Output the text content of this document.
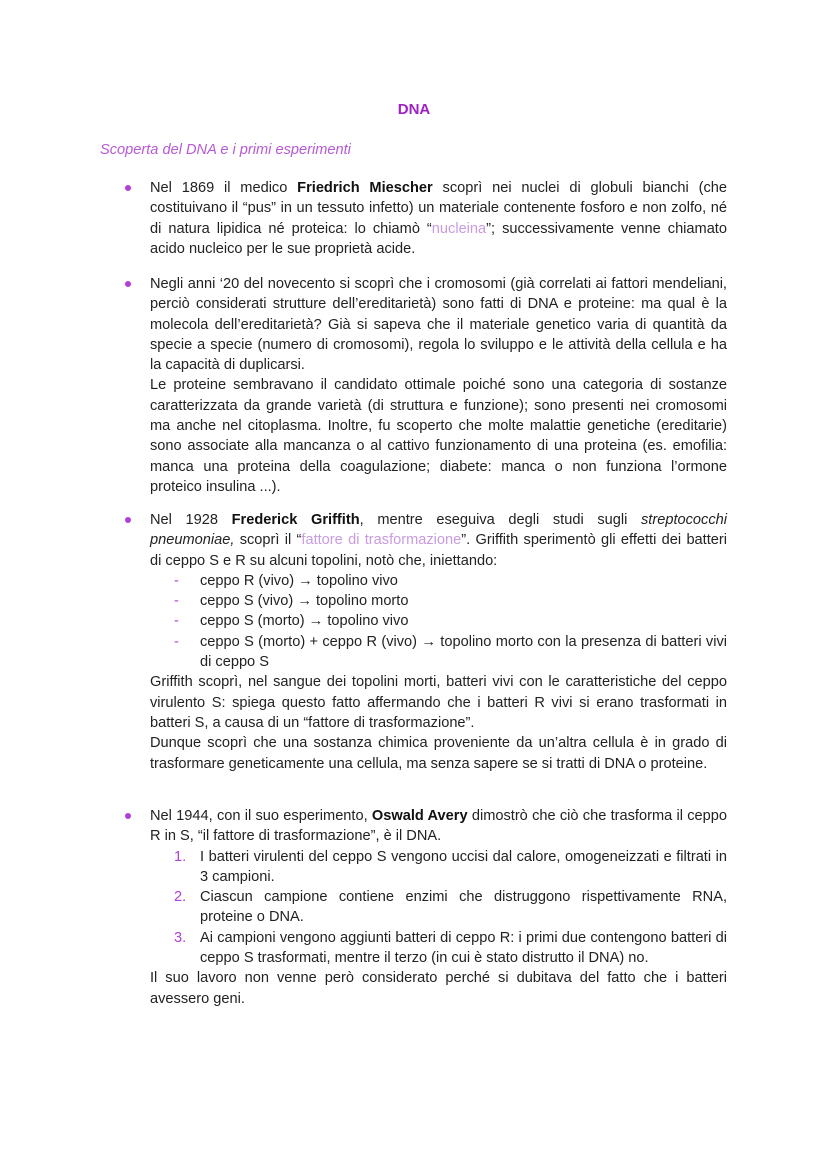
DNA
Scoperta del DNA e i primi esperimenti

Nel 1869 il medico Friedrich Miescher scoprì nei nuclei di globuli bianchi (che costituivano il “pus” in un tessuto infetto) un materiale contenente fosforo e non zolfo, né di natura lipidica né proteica: lo chiamò “nucleina”; successivamente venne chiamato acido nucleico per le sue proprietà acide.

Negli anni ‘20 del novecento si scoprì che i cromosomi (già correlati ai fattori mendeliani, perciò considerati strutture dell’ereditarietà) sono fatti di DNA e proteine: ma qual è la molecola dell’ereditarietà? Già si sapeva che il materiale genetico varia di quantità da specie a specie (numero di cromosomi), regola lo sviluppo e le attività della cellula e ha la capacità di duplicarsi.

Le proteine sembravano il candidato ottimale poiché sono una categoria di sostanze caratterizzata da grande varietà (di struttura e funzione); sono presenti nei cromosomi ma anche nel citoplasma. Inoltre, fu scoperto che molte malattie genetiche (ereditarie) sono associate alla mancanza o al cattivo funzionamento di una proteina (es. emofilia: manca una proteina della coagulazione; diabete: manca o non funziona l’ormone proteico insulina ...).

Nel 1928 Frederick Griffith, mentre eseguiva degli studi sugli streptococchi pneumoniae, scoprì il “fattore di trasformazione”. Griffith sperimentò gli effetti dei batteri di ceppo S e R su alcuni topolini, notò che, iniettando:

- ceppo R (vivo) → topolino vivo
- ceppo S (vivo) → topolino morto
- ceppo S (morto) → topolino vivo
- ceppo S (morto) + ceppo R (vivo) → topolino morto con la presenza di batteri vivi di ceppo S

Griffith scoprì, nel sangue dei topolini morti, batteri vivi con le caratteristiche del ceppo virulento S: spiega questo fatto affermando che i batteri R vivi si erano trasformati in batteri S, a causa di un “fattore di trasformazione”.

Dunque scoprì che una sostanza chimica proveniente da un’altra cellula è in grado di trasformare geneticamente una cellula, ma senza sapere se si tratti di DNA o proteine.

Nel 1944, con il suo esperimento, Oswald Avery dimostrò che ciò che trasforma il ceppo R in S, “il fattore di trasformazione”, è il DNA.

1. I batteri virulenti del ceppo S vengono uccisi dal calore, omogeneizzati e filtrati in 3 campioni.
2. Ciascun campione contiene enzimi che distruggono rispettivamente RNA, proteine o DNA.
3. Ai campioni vengono aggiunti batteri di ceppo R: i primi due contengono batteri di ceppo S trasformati, mentre il terzo (in cui è stato distrutto il DNA) no.

Il suo lavoro non venne però considerato perché si dubitava del fatto che i batteri avessero geni.
